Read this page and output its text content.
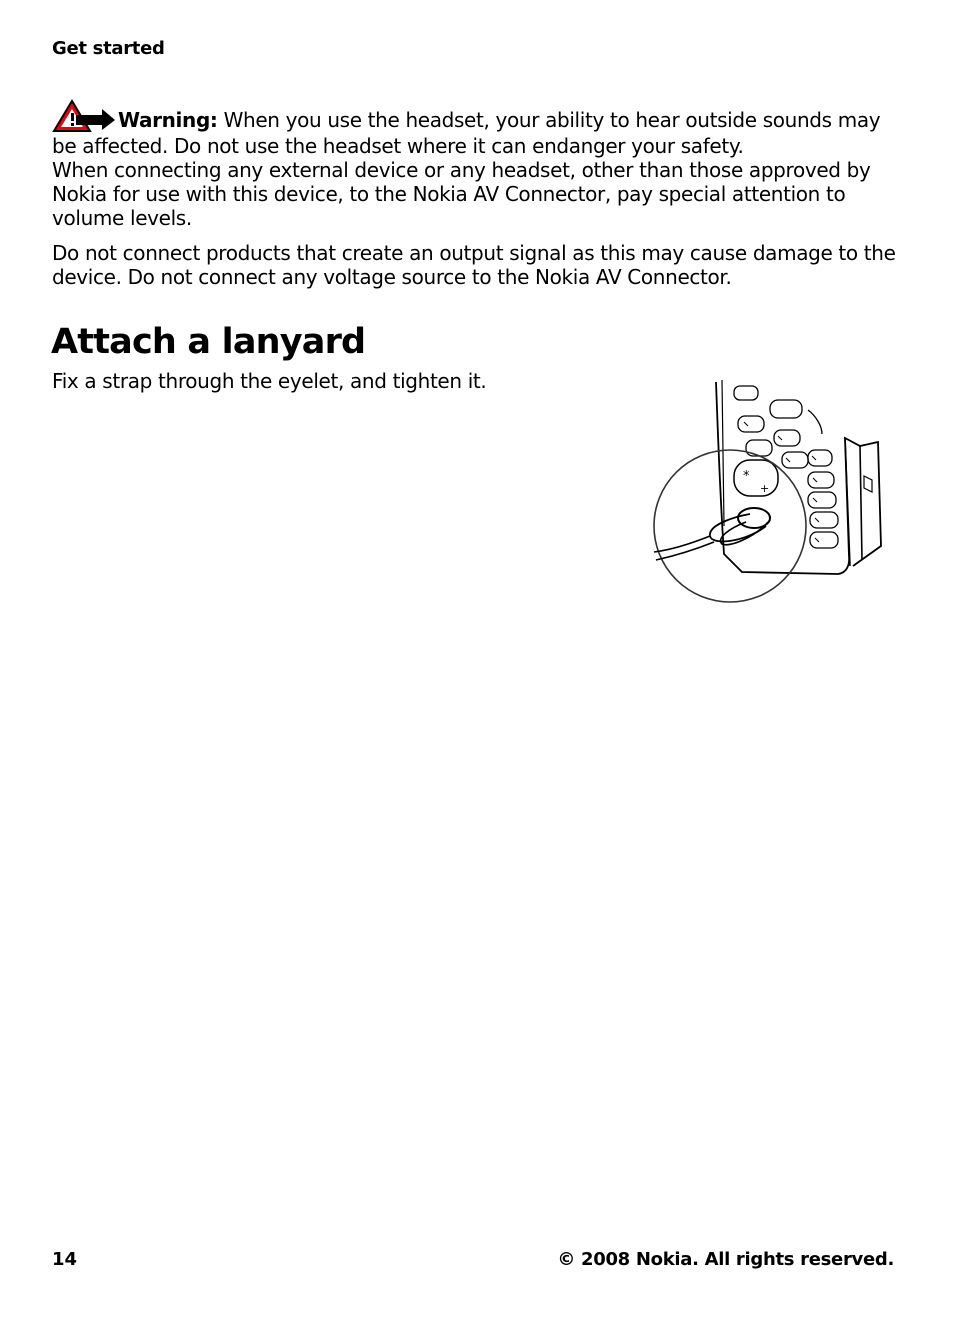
Get started

Warning: When you use the headset, your ability to hear outside sounds may be affected. Do not use the headset where it can endanger your safety.

When connecting any external device or any headset, other than those approved by Nokia for use with this device, to the Nokia AV Connector, pay special attention to volume levels.

Do not connect products that create an output signal as this may cause damage to the device. Do not connect any voltage source to the Nokia AV Connector.

Attach a lanyard

Fix a strap through the eyelet, and tighten it.

*
+
14	© 2008 Nokia. All rights reserved.
